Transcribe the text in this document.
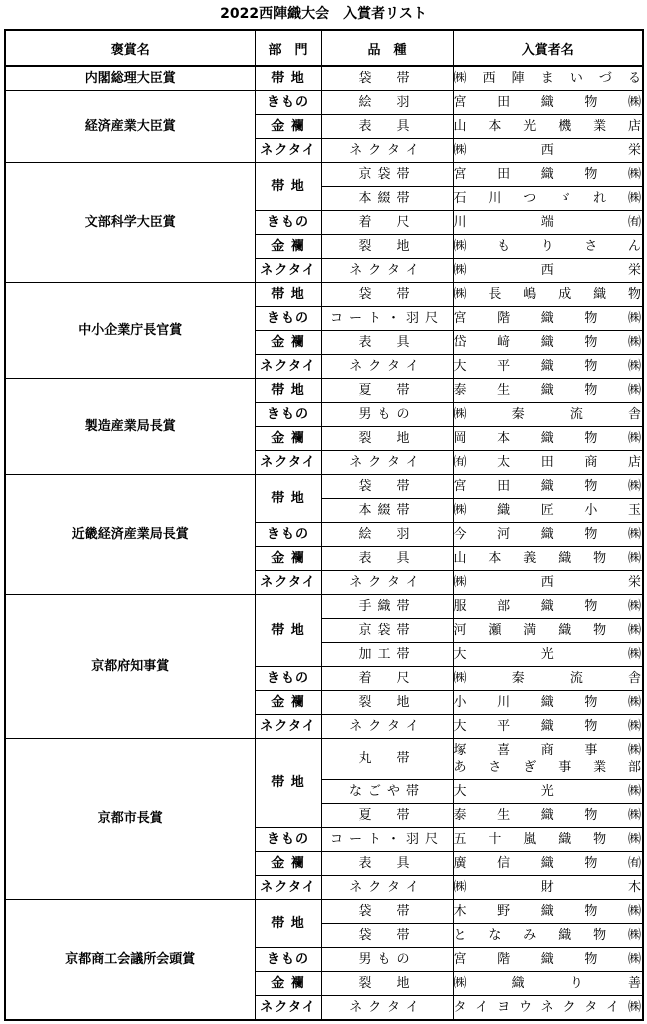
2022西陣織大会　入賞者リスト
褒賞名	部　門	品　種	入賞者名
内閣総理大臣賞	帯 地	袋　帯	㈱西陣まいづる
経済産業大臣賞	きもの	絵　羽	宮田織物㈱
	金 襴	表　具	山本光機業店
	ネクタイ	ネクタイ	㈱　西　栄
文部科学大臣賞	帯 地	京袋帯	宮田織物㈱
		本綴帯	石川つゞれ㈱
	きもの	着　尺	川　端　㈲
	金 襴	裂　地	㈱もりさん
	ネクタイ	ネクタイ	㈱　西　栄
中小企業庁長官賞	帯 地	袋　帯	㈱長嶋成織物
	きもの	コート・羽尺	宮階織物㈱
	金 襴	表　具	岱﨑織物㈱
	ネクタイ	ネクタイ	大平織物㈱
製造産業局長賞	帯 地	夏　帯	泰生織物㈱
	きもの	男もの	㈱　秦　流　舎
	金 襴	裂　地	岡本織物㈱
	ネクタイ	ネクタイ	㈲太田商店
近畿経済産業局長賞	帯 地	袋　帯	宮田織物㈱
		本綴帯	㈱織匠小玉
	きもの	絵　羽	今河織物㈱
	金 襴	表　具	山本義織物㈱
	ネクタイ	ネクタイ	㈱　西　栄
京都府知事賞	帯 地	手織帯	服部織物㈱
		京袋帯	河瀬満織物㈱
		加工帯	大　光　㈱
	きもの	着　尺	㈱　秦　流　舎
	金 襴	裂　地	小川織物㈱
	ネクタイ	ネクタイ	大平織物㈱
京都市長賞	帯 地	丸　帯	塚喜商事㈱
あさぎ事業部

		なごや帯	大　光　㈱
		夏　帯	泰生織物㈱
	きもの	コート・羽尺	五十嵐織物㈱
	金 襴	表　具	廣信織物㈲
	ネクタイ	ネクタイ	㈱　財　木
京都商工会議所会頭賞	帯 地	袋　帯	木野織物㈱
		袋　帯	となみ織物㈱
	きもの	男もの	宮階織物㈱
	金 襴	裂　地	㈱　織　り　善
	ネクタイ	ネクタイ	タイヨウネクタイ㈱
